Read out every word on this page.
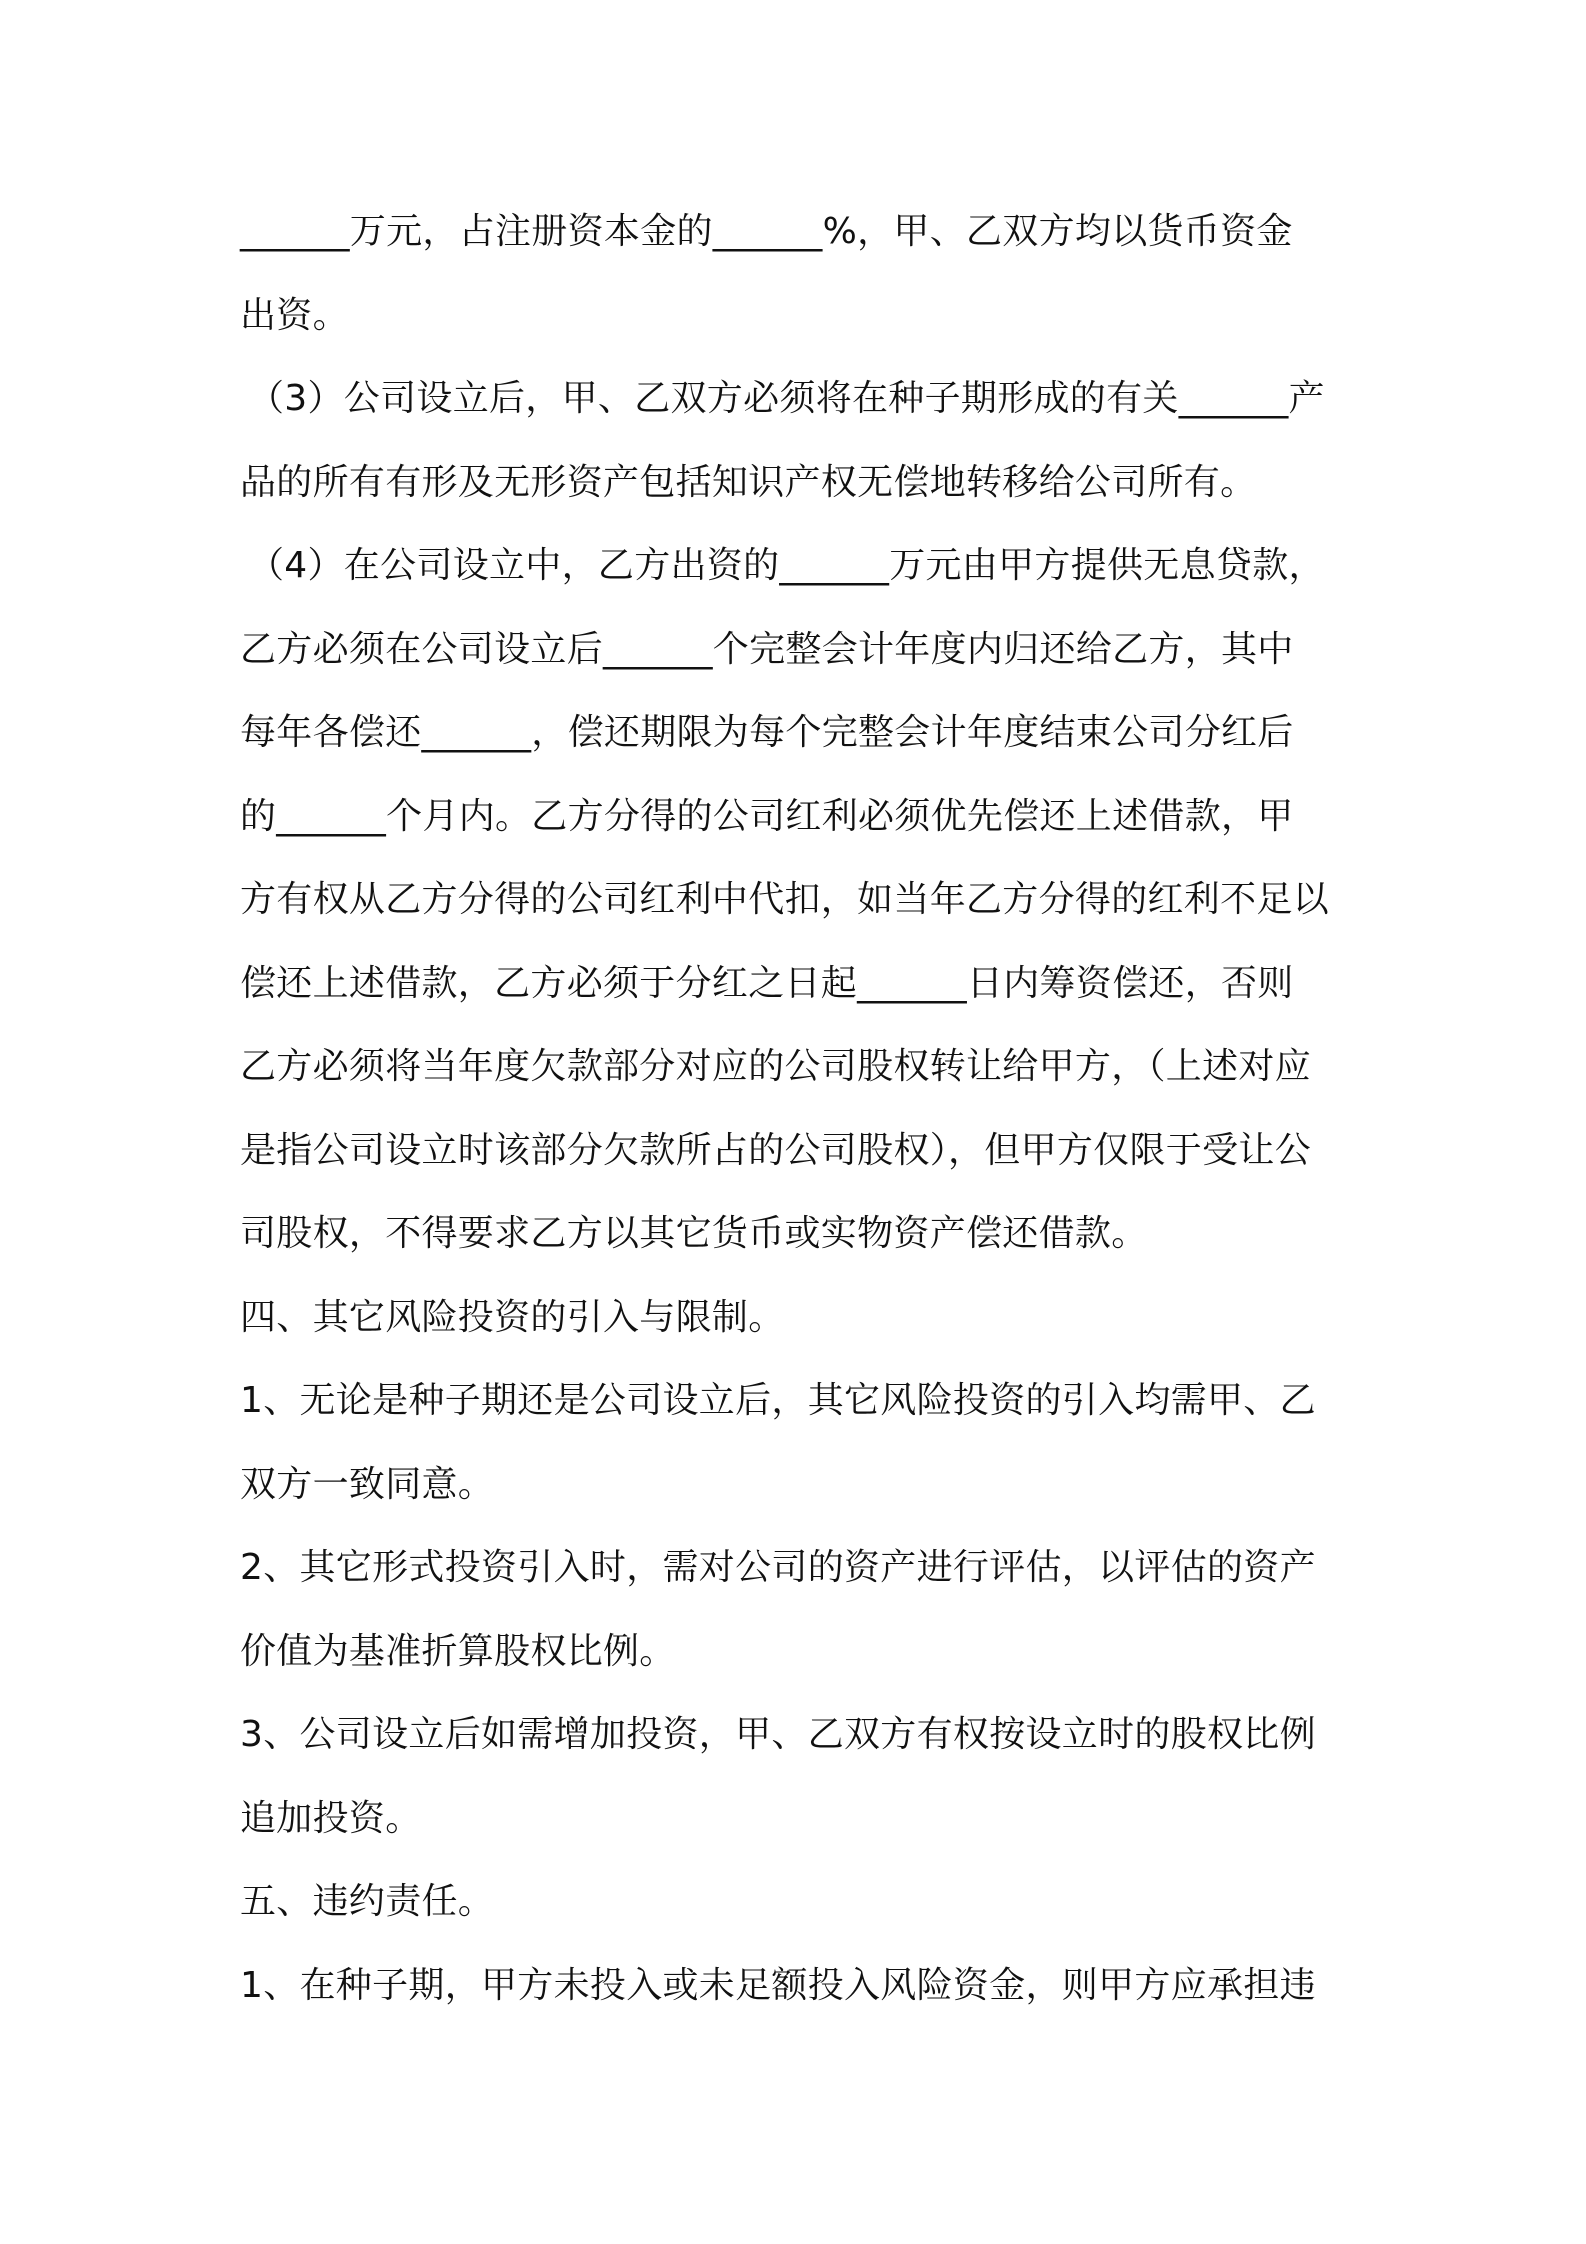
______万元，占注册资本金的______%，甲、乙双方均以货币资金
出资。
（3）公司设立后，甲、乙双方必须将在种子期形成的有关______产
品的所有有形及无形资产包括知识产权无偿地转移给公司所有。
（4）在公司设立中，乙方出资的______万元由甲方提供无息贷款，
乙方必须在公司设立后______个完整会计年度内归还给乙方，其中
每年各偿还______，偿还期限为每个完整会计年度结束公司分红后
的______个月内。乙方分得的公司红利必须优先偿还上述借款，甲
方有权从乙方分得的公司红利中代扣，如当年乙方分得的红利不足以
偿还上述借款，乙方必须于分红之日起______日内筹资偿还，否则
乙方必须将当年度欠款部分对应的公司股权转让给甲方，（上述对应
是指公司设立时该部分欠款所占的公司股权），但甲方仅限于受让公
司股权，不得要求乙方以其它货币或实物资产偿还借款。
四、其它风险投资的引入与限制。
1、无论是种子期还是公司设立后，其它风险投资的引入均需甲、乙
双方一致同意。
2、其它形式投资引入时，需对公司的资产进行评估，以评估的资产
价值为基准折算股权比例。
3、公司设立后如需增加投资，甲、乙双方有权按设立时的股权比例
追加投资。
五、违约责任。
1、在种子期，甲方未投入或未足额投入风险资金，则甲方应承担违
